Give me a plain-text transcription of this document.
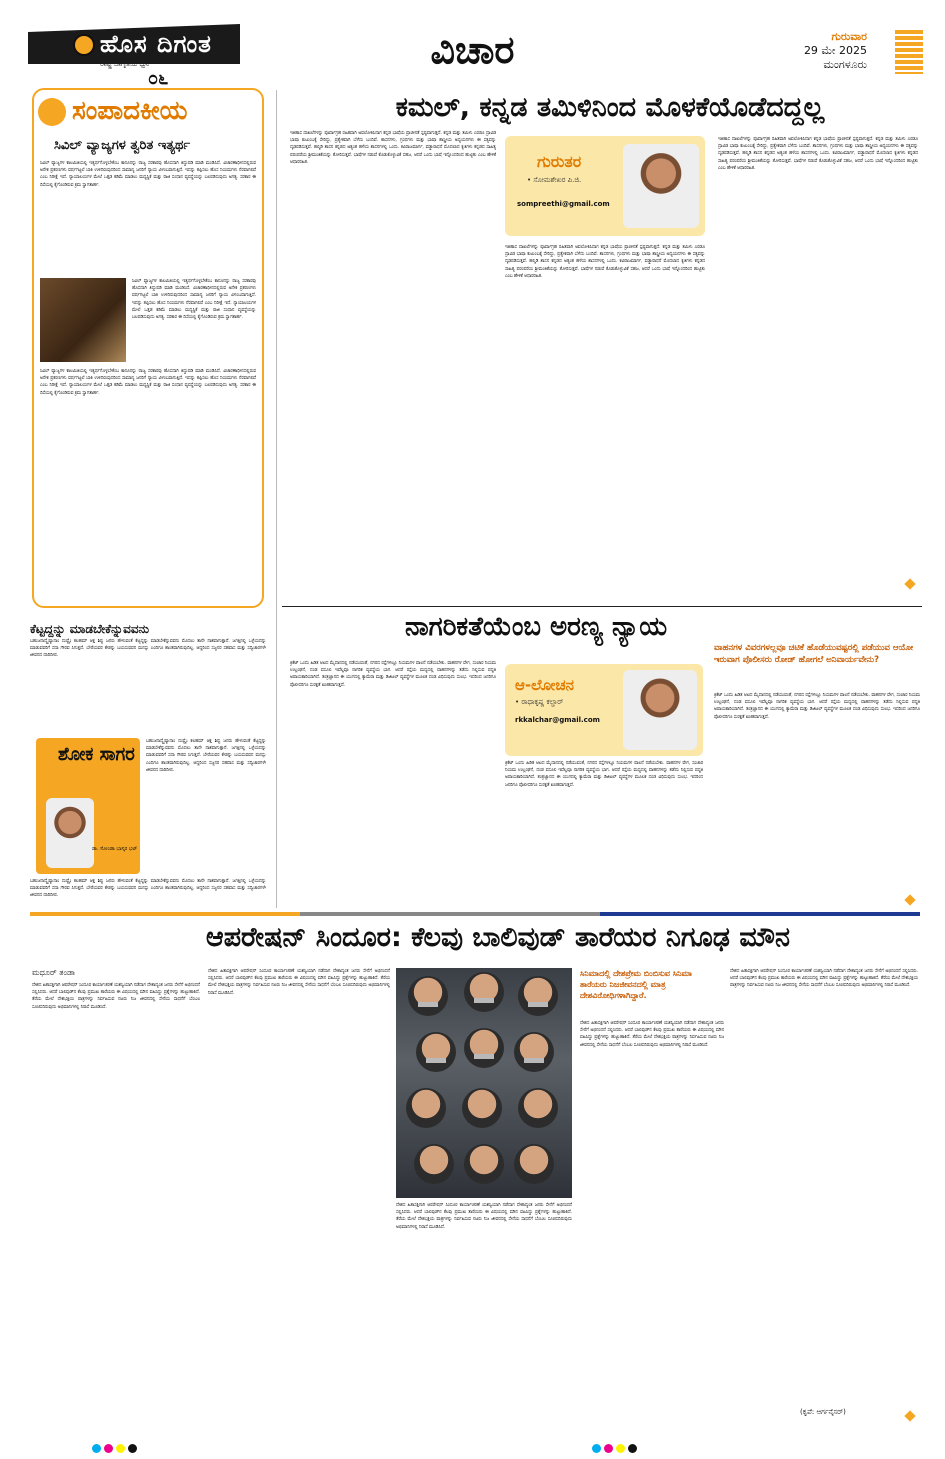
ಹೊಸ ದಿಗಂತ
ರಾಷ್ಟ್ರ ಜಾಗೃತಿಯ ಧ್ವನಿ
೦೬
ವಿಚಾರ	ಗುರುವಾರ
29 ಮೇ 2025
ಮಂಗಳೂರು
ಸಂಪಾದಕೀಯ
ಸಿವಿಲ್ ವ್ಯಾಜ್ಯಗಳ ತ್ವರಿತ ಇತ್ಯರ್ಥ
ಸಿವಿಲ್ ವ್ಯಾಜ್ಯಗಳ ಕಾಲಮಿತಿಯಲ್ಲಿ ಇತ್ಯರ್ಥಗೊಳ್ಳಬೇಕೆಂಬ ಕಾನೂನನ್ನು ರಾಜ್ಯ ಸರಕಾರವು ಹೊಸದಾಗಿ ತಿದ್ದುಪಡಿ ಮಾಡಿ ಮಂಡಿಸಿದೆ. ವಿಚಾರಣಾಧೀನದಲ್ಲಿರುವ ಅನೇಕ ಪ್ರಕರಣಗಳು ವರ್ಷಗಟ್ಟಲೆ ಬಾಕಿ ಉಳಿದಿರುವುದರಿಂದ ಸಾಮಾನ್ಯ ಜನರಿಗೆ ನ್ಯಾಯ ವಿಳಂಬವಾಗುತ್ತಿದೆ. ಇದನ್ನು ತಪ್ಪಿಸಲು ಹೊಸ ನಿಯಮಗಳು ನೆರವಾಗಲಿವೆ ಎಂಬ ನಿರೀಕ್ಷೆ ಇದೆ. ನ್ಯಾಯಾಲಯಗಳ ಮೇಲೆ ಒತ್ತಡ ಕಡಿಮೆ ಮಾಡಲು ಮಧ್ಯಸ್ಥಿಕೆ ಮತ್ತು ರಾಜಿ ಸಂಧಾನ ವ್ಯವಸ್ಥೆಯನ್ನು ಬಲಪಡಿಸುವುದು ಅಗತ್ಯ. ಸರಕಾರ ಈ ದಿಸೆಯಲ್ಲಿ ಕೈಗೊಂಡಿರುವ ಕ್ರಮ ಸ್ವಾಗತಾರ್ಹ.
ಸಿವಿಲ್ ವ್ಯಾಜ್ಯಗಳ ಕಾಲಮಿತಿಯಲ್ಲಿ ಇತ್ಯರ್ಥಗೊಳ್ಳಬೇಕೆಂಬ ಕಾನೂನನ್ನು ರಾಜ್ಯ ಸರಕಾರವು ಹೊಸದಾಗಿ ತಿದ್ದುಪಡಿ ಮಾಡಿ ಮಂಡಿಸಿದೆ. ವಿಚಾರಣಾಧೀನದಲ್ಲಿರುವ ಅನೇಕ ಪ್ರಕರಣಗಳು ವರ್ಷಗಟ್ಟಲೆ ಬಾಕಿ ಉಳಿದಿರುವುದರಿಂದ ಸಾಮಾನ್ಯ ಜನರಿಗೆ ನ್ಯಾಯ ವಿಳಂಬವಾಗುತ್ತಿದೆ. ಇದನ್ನು ತಪ್ಪಿಸಲು ಹೊಸ ನಿಯಮಗಳು ನೆರವಾಗಲಿವೆ ಎಂಬ ನಿರೀಕ್ಷೆ ಇದೆ. ನ್ಯಾಯಾಲಯಗಳ ಮೇಲೆ ಒತ್ತಡ ಕಡಿಮೆ ಮಾಡಲು ಮಧ್ಯಸ್ಥಿಕೆ ಮತ್ತು ರಾಜಿ ಸಂಧಾನ ವ್ಯವಸ್ಥೆಯನ್ನು ಬಲಪಡಿಸುವುದು ಅಗತ್ಯ. ಸರಕಾರ ಈ ದಿಸೆಯಲ್ಲಿ ಕೈಗೊಂಡಿರುವ ಕ್ರಮ ಸ್ವಾಗತಾರ್ಹ.
ಸಿವಿಲ್ ವ್ಯಾಜ್ಯಗಳ ಕಾಲಮಿತಿಯಲ್ಲಿ ಇತ್ಯರ್ಥಗೊಳ್ಳಬೇಕೆಂಬ ಕಾನೂನನ್ನು ರಾಜ್ಯ ಸರಕಾರವು ಹೊಸದಾಗಿ ತಿದ್ದುಪಡಿ ಮಾಡಿ ಮಂಡಿಸಿದೆ. ವಿಚಾರಣಾಧೀನದಲ್ಲಿರುವ ಅನೇಕ ಪ್ರಕರಣಗಳು ವರ್ಷಗಟ್ಟಲೆ ಬಾಕಿ ಉಳಿದಿರುವುದರಿಂದ ಸಾಮಾನ್ಯ ಜನರಿಗೆ ನ್ಯಾಯ ವಿಳಂಬವಾಗುತ್ತಿದೆ. ಇದನ್ನು ತಪ್ಪಿಸಲು ಹೊಸ ನಿಯಮಗಳು ನೆರವಾಗಲಿವೆ ಎಂಬ ನಿರೀಕ್ಷೆ ಇದೆ. ನ್ಯಾಯಾಲಯಗಳ ಮೇಲೆ ಒತ್ತಡ ಕಡಿಮೆ ಮಾಡಲು ಮಧ್ಯಸ್ಥಿಕೆ ಮತ್ತು ರಾಜಿ ಸಂಧಾನ ವ್ಯವಸ್ಥೆಯನ್ನು ಬಲಪಡಿಸುವುದು ಅಗತ್ಯ. ಸರಕಾರ ಈ ದಿಸೆಯಲ್ಲಿ ಕೈಗೊಂಡಿರುವ ಕ್ರಮ ಸ್ವಾಗತಾರ್ಹ.
ಕಮಲ್, ಕನ್ನಡ ತಮಿಳಿನಿಂದ ಮೊಳಕೆಯೊಡೆದದ್ದಲ್ಲ
ಇತಿಹಾಸ ದಾಖಲೆಗಳನ್ನು ಪೂರ್ವಾಗ್ರಹ ರಹಿತವಾಗಿ ಅವಲೋಕಿಸಿದಾಗ ಕನ್ನಡ ಭಾಷೆಯ ಪ್ರಾಚೀನತೆ ಸ್ಪಷ್ಟವಾಗುತ್ತದೆ. ಕನ್ನಡ ಮತ್ತು ತಮಿಳು ಎರಡೂ ದ್ರಾವಿಡ ಭಾಷಾ ಕುಟುಂಬಕ್ಕೆ ಸೇರಿದ್ದು, ಪ್ರತ್ಯೇಕವಾಗಿ ಬೆಳೆದು ಬಂದಿವೆ. ಶಾಸನಗಳು, ಗ್ರಂಥಗಳು ಮತ್ತು ಭಾಷಾ ಶಾಸ್ತ್ರೀಯ ಅಧ್ಯಯನಗಳು ಈ ಸತ್ಯವನ್ನು ದೃಢಪಡಿಸುತ್ತವೆ. ಹಲ್ಮಿಡಿ ಶಾಸನ ಕನ್ನಡದ ಅತ್ಯಂತ ಹಳೆಯ ಶಾಸನಗಳಲ್ಲಿ ಒಂದು. ಕವಿರಾಜಮಾರ್ಗ, ವಡ್ಡಾರಾಧನೆ ಮೊದಲಾದ ಕೃತಿಗಳು ಕನ್ನಡದ ಸಾಹಿತ್ಯ ಪರಂಪರೆಯ ಶ್ರೀಮಂತಿಕೆಯನ್ನು ತೋರಿಸುತ್ತವೆ. ಭಾಷೆಗಳ ನಡುವೆ ಕೊಡುಕೊಳ್ಳುವಿಕೆ ಸಹಜ, ಆದರೆ ಒಂದು ಭಾಷೆ ಇನ್ನೊಂದರಿಂದ ಹುಟ್ಟಿತು ಎಂಬ ಹೇಳಿಕೆ ಆಧಾರರಹಿತ.	ಗುರುತರ
• ಸೋಮಶೇಖರ ಪಿ.ಜಿ.
sompreethi@gmail.com
ಇತಿಹಾಸ ದಾಖಲೆಗಳನ್ನು ಪೂರ್ವಾಗ್ರಹ ರಹಿತವಾಗಿ ಅವಲೋಕಿಸಿದಾಗ ಕನ್ನಡ ಭಾಷೆಯ ಪ್ರಾಚೀನತೆ ಸ್ಪಷ್ಟವಾಗುತ್ತದೆ. ಕನ್ನಡ ಮತ್ತು ತಮಿಳು ಎರಡೂ ದ್ರಾವಿಡ ಭಾಷಾ ಕುಟುಂಬಕ್ಕೆ ಸೇರಿದ್ದು, ಪ್ರತ್ಯೇಕವಾಗಿ ಬೆಳೆದು ಬಂದಿವೆ. ಶಾಸನಗಳು, ಗ್ರಂಥಗಳು ಮತ್ತು ಭಾಷಾ ಶಾಸ್ತ್ರೀಯ ಅಧ್ಯಯನಗಳು ಈ ಸತ್ಯವನ್ನು ದೃಢಪಡಿಸುತ್ತವೆ. ಹಲ್ಮಿಡಿ ಶಾಸನ ಕನ್ನಡದ ಅತ್ಯಂತ ಹಳೆಯ ಶಾಸನಗಳಲ್ಲಿ ಒಂದು. ಕವಿರಾಜಮಾರ್ಗ, ವಡ್ಡಾರಾಧನೆ ಮೊದಲಾದ ಕೃತಿಗಳು ಕನ್ನಡದ ಸಾಹಿತ್ಯ ಪರಂಪರೆಯ ಶ್ರೀಮಂತಿಕೆಯನ್ನು ತೋರಿಸುತ್ತವೆ. ಭಾಷೆಗಳ ನಡುವೆ ಕೊಡುಕೊಳ್ಳುವಿಕೆ ಸಹಜ, ಆದರೆ ಒಂದು ಭಾಷೆ ಇನ್ನೊಂದರಿಂದ ಹುಟ್ಟಿತು ಎಂಬ ಹೇಳಿಕೆ ಆಧಾರರಹಿತ.
ಇತಿಹಾಸ ದಾಖಲೆಗಳನ್ನು ಪೂರ್ವಾಗ್ರಹ ರಹಿತವಾಗಿ ಅವಲೋಕಿಸಿದಾಗ ಕನ್ನಡ ಭಾಷೆಯ ಪ್ರಾಚೀನತೆ ಸ್ಪಷ್ಟವಾಗುತ್ತದೆ. ಕನ್ನಡ ಮತ್ತು ತಮಿಳು ಎರಡೂ ದ್ರಾವಿಡ ಭಾಷಾ ಕುಟುಂಬಕ್ಕೆ ಸೇರಿದ್ದು, ಪ್ರತ್ಯೇಕವಾಗಿ ಬೆಳೆದು ಬಂದಿವೆ. ಶಾಸನಗಳು, ಗ್ರಂಥಗಳು ಮತ್ತು ಭಾಷಾ ಶಾಸ್ತ್ರೀಯ ಅಧ್ಯಯನಗಳು ಈ ಸತ್ಯವನ್ನು ದೃಢಪಡಿಸುತ್ತವೆ. ಹಲ್ಮಿಡಿ ಶಾಸನ ಕನ್ನಡದ ಅತ್ಯಂತ ಹಳೆಯ ಶಾಸನಗಳಲ್ಲಿ ಒಂದು. ಕವಿರಾಜಮಾರ್ಗ, ವಡ್ಡಾರಾಧನೆ ಮೊದಲಾದ ಕೃತಿಗಳು ಕನ್ನಡದ ಸಾಹಿತ್ಯ ಪರಂಪರೆಯ ಶ್ರೀಮಂತಿಕೆಯನ್ನು ತೋರಿಸುತ್ತವೆ. ಭಾಷೆಗಳ ನಡುವೆ ಕೊಡುಕೊಳ್ಳುವಿಕೆ ಸಹಜ, ಆದರೆ ಒಂದು ಭಾಷೆ ಇನ್ನೊಂದರಿಂದ ಹುಟ್ಟಿತು ಎಂಬ ಹೇಳಿಕೆ ಆಧಾರರಹಿತ.
ಕೆಟ್ಟದ್ದನ್ನು ಮಾಡಬೇಕೆನ್ನುವವನು
ಬಹುಜನಾದ್ಯೈಷ್ಯಾನಾಂ ದುಷ್ಟೈಃ ಕಲಹಮ್ ಆಕ್ತ ಶಿಷ್ಟ ಜನರು ಹೇಳುವಂತೆ ಕೆಟ್ಟದ್ದನ್ನು ಮಾಡಬೇಕೆನ್ನುವವನು ಮೊದಲು ತಾನೇ ನಾಶವಾಗುತ್ತಾನೆ. ಜಗತ್ತಿನಲ್ಲಿ ಒಳ್ಳೆಯದನ್ನು ಮಾಡುವವರಿಗೆ ಸದಾ ಗೌರವ ಸಿಗುತ್ತದೆ. ಬೇರೆಯವರ ಕೇಡನ್ನು ಬಯಸುವವನ ಮನಸ್ಸು ಎಂದಿಗೂ ಶಾಂತವಾಗಿರುವುದಿಲ್ಲ. ಆದ್ದರಿಂದ ಸಜ್ಜನರ ಸಹವಾಸ ಮತ್ತು ಸದ್ವಿಚಾರಗಳೇ ಜೀವನದ ದಾರಿದೀಪ.
ಶೋಕ ಸಾಗರ
ಡಾ. ಸೋಂಡಾ ಭಾಸ್ಕರ ಭಟ್
ಬಹುಜನಾದ್ಯೈಷ್ಯಾನಾಂ ದುಷ್ಟೈಃ ಕಲಹಮ್ ಆಕ್ತ ಶಿಷ್ಟ ಜನರು ಹೇಳುವಂತೆ ಕೆಟ್ಟದ್ದನ್ನು ಮಾಡಬೇಕೆನ್ನುವವನು ಮೊದಲು ತಾನೇ ನಾಶವಾಗುತ್ತಾನೆ. ಜಗತ್ತಿನಲ್ಲಿ ಒಳ್ಳೆಯದನ್ನು ಮಾಡುವವರಿಗೆ ಸದಾ ಗೌರವ ಸಿಗುತ್ತದೆ. ಬೇರೆಯವರ ಕೇಡನ್ನು ಬಯಸುವವನ ಮನಸ್ಸು ಎಂದಿಗೂ ಶಾಂತವಾಗಿರುವುದಿಲ್ಲ. ಆದ್ದರಿಂದ ಸಜ್ಜನರ ಸಹವಾಸ ಮತ್ತು ಸದ್ವಿಚಾರಗಳೇ ಜೀವನದ ದಾರಿದೀಪ.
ಬಹುಜನಾದ್ಯೈಷ್ಯಾನಾಂ ದುಷ್ಟೈಃ ಕಲಹಮ್ ಆಕ್ತ ಶಿಷ್ಟ ಜನರು ಹೇಳುವಂತೆ ಕೆಟ್ಟದ್ದನ್ನು ಮಾಡಬೇಕೆನ್ನುವವನು ಮೊದಲು ತಾನೇ ನಾಶವಾಗುತ್ತಾನೆ. ಜಗತ್ತಿನಲ್ಲಿ ಒಳ್ಳೆಯದನ್ನು ಮಾಡುವವರಿಗೆ ಸದಾ ಗೌರವ ಸಿಗುತ್ತದೆ. ಬೇರೆಯವರ ಕೇಡನ್ನು ಬಯಸುವವನ ಮನಸ್ಸು ಎಂದಿಗೂ ಶಾಂತವಾಗಿರುವುದಿಲ್ಲ. ಆದ್ದರಿಂದ ಸಜ್ಜನರ ಸಹವಾಸ ಮತ್ತು ಸದ್ವಿಚಾರಗಳೇ ಜೀವನದ ದಾರಿದೀಪ.
ನಾಗರಿಕತೆಯೆಂಬ ಅರಣ್ಯ ನ್ಯಾಯ
ವಾಹನಗಳ ವಿವರಗಳಲ್ಲವೂ ಚಟಿಕೆ ಹೊಡೆಯುವಷ್ಟರಲ್ಲಿ ಪಡೆಯುವ ಆಯೋ ಇರುವಾಗ ಪೊಲೀಸರು ರೋಡ್ ಹೋಗಲೆ ಅನಿವಾರ್ಯವೇನು?
ಕ್ರಿಕೆಟ್ ಒಂದು ಹಿಡಿತ ಆಟದ ಮೈದಾನದಲ್ಲಿ ನಡೆಯುವಂತೆ, ನಗರದ ರಸ್ತೆಗಳಲ್ಲೂ ನಿಯಮಗಳ ಪಾಲನೆ ನಡೆಯಬೇಕು. ವಾಹನಗಳ ವೇಗ, ಸಂಚಾರ ನಿಯಮ ಉಲ್ಲಂಘನೆ, ದಂಡ ವಸೂಲಿ ಇವೆಲ್ಲವೂ ನಾಗರಿಕ ವ್ಯವಸ್ಥೆಯ ಭಾಗ. ಆದರೆ ರಸ್ತೆಯ ಮಧ್ಯದಲ್ಲಿ ವಾಹನಗಳನ್ನು ತಡೆದು ನಿಲ್ಲಿಸುವ ಪದ್ಧತಿ ಅಪಾಯಕಾರಿಯಾಗಿದೆ. ತಂತ್ರಜ್ಞಾನದ ಈ ಯುಗದಲ್ಲಿ ಕ್ಯಾಮೆರಾ ಮತ್ತು ಡಿಜಿಟಲ್ ವ್ಯವಸ್ಥೆಗಳ ಮೂಲಕ ದಂಡ ವಿಧಿಸುವುದು ಸುಲಭ. ಇದರಿಂದ ಜನರಿಗೂ ಪೊಲೀಸರಿಗೂ ಸುರಕ್ಷತೆ ಖಚಿತವಾಗುತ್ತದೆ.	ಆ-ಲೋಚನ
• ರಾಧಾಕೃಷ್ಣ ಕಲ್ಚಾರ್
rkkalchar@gmail.com
ಕ್ರಿಕೆಟ್ ಒಂದು ಹಿಡಿತ ಆಟದ ಮೈದಾನದಲ್ಲಿ ನಡೆಯುವಂತೆ, ನಗರದ ರಸ್ತೆಗಳಲ್ಲೂ ನಿಯಮಗಳ ಪಾಲನೆ ನಡೆಯಬೇಕು. ವಾಹನಗಳ ವೇಗ, ಸಂಚಾರ ನಿಯಮ ಉಲ್ಲಂಘನೆ, ದಂಡ ವಸೂಲಿ ಇವೆಲ್ಲವೂ ನಾಗರಿಕ ವ್ಯವಸ್ಥೆಯ ಭಾಗ. ಆದರೆ ರಸ್ತೆಯ ಮಧ್ಯದಲ್ಲಿ ವಾಹನಗಳನ್ನು ತಡೆದು ನಿಲ್ಲಿಸುವ ಪದ್ಧತಿ ಅಪಾಯಕಾರಿಯಾಗಿದೆ. ತಂತ್ರಜ್ಞಾನದ ಈ ಯುಗದಲ್ಲಿ ಕ್ಯಾಮೆರಾ ಮತ್ತು ಡಿಜಿಟಲ್ ವ್ಯವಸ್ಥೆಗಳ ಮೂಲಕ ದಂಡ ವಿಧಿಸುವುದು ಸುಲಭ. ಇದರಿಂದ ಜನರಿಗೂ ಪೊಲೀಸರಿಗೂ ಸುರಕ್ಷತೆ ಖಚಿತವಾಗುತ್ತದೆ.
ಕ್ರಿಕೆಟ್ ಒಂದು ಹಿಡಿತ ಆಟದ ಮೈದಾನದಲ್ಲಿ ನಡೆಯುವಂತೆ, ನಗರದ ರಸ್ತೆಗಳಲ್ಲೂ ನಿಯಮಗಳ ಪಾಲನೆ ನಡೆಯಬೇಕು. ವಾಹನಗಳ ವೇಗ, ಸಂಚಾರ ನಿಯಮ ಉಲ್ಲಂಘನೆ, ದಂಡ ವಸೂಲಿ ಇವೆಲ್ಲವೂ ನಾಗರಿಕ ವ್ಯವಸ್ಥೆಯ ಭಾಗ. ಆದರೆ ರಸ್ತೆಯ ಮಧ್ಯದಲ್ಲಿ ವಾಹನಗಳನ್ನು ತಡೆದು ನಿಲ್ಲಿಸುವ ಪದ್ಧತಿ ಅಪಾಯಕಾರಿಯಾಗಿದೆ. ತಂತ್ರಜ್ಞಾನದ ಈ ಯುಗದಲ್ಲಿ ಕ್ಯಾಮೆರಾ ಮತ್ತು ಡಿಜಿಟಲ್ ವ್ಯವಸ್ಥೆಗಳ ಮೂಲಕ ದಂಡ ವಿಧಿಸುವುದು ಸುಲಭ. ಇದರಿಂದ ಜನರಿಗೂ ಪೊಲೀಸರಿಗೂ ಸುರಕ್ಷತೆ ಖಚಿತವಾಗುತ್ತದೆ.
ಆಪರೇಷನ್ ಸಿಂದೂರ: ಕೆಲವು ಬಾಲಿವುಡ್ ತಾರೆಯರ ನಿಗೂಢ ಮೌನ
ಮಧೂರ್ ತಂಡಾ
ದೇಶದ ಹಿತಾಸಕ್ತಿಗಾಗಿ ಆಪರೇಷನ್ ಸಿಂದೂರ ಕಾರ್ಯಾಚರಣೆ ಯಶಸ್ವಿಯಾಗಿ ನಡೆದಾಗ ದೇಶಾದ್ಯಂತ ಜನರು ಸೇನೆಗೆ ಅಭಿನಂದನೆ ಸಲ್ಲಿಸಿದರು. ಆದರೆ ಬಾಲಿವುಡ್‌ನ ಕೆಲವು ಪ್ರಮುಖ ತಾರೆಯರು ಈ ವಿಷಯದಲ್ಲಿ ಮೌನ ವಹಿಸಿದ್ದು ಪ್ರಶ್ನೆಗಳನ್ನು ಹುಟ್ಟುಹಾಕಿದೆ. ತೆರೆಯ ಮೇಲೆ ದೇಶಭಕ್ತಿಯ ಪಾತ್ರಗಳನ್ನು ನಿರ್ವಹಿಸುವ ನಟರು ನಿಜ ಜೀವನದಲ್ಲಿ ಸೇನೆಯ ಸಾಧನೆಗೆ ಬೆಂಬಲ ಸೂಚಿಸದಿರುವುದು ಅಭಿಮಾನಿಗಳಲ್ಲಿ ನಿರಾಸೆ ಮೂಡಿಸಿದೆ.
ದೇಶದ ಹಿತಾಸಕ್ತಿಗಾಗಿ ಆಪರೇಷನ್ ಸಿಂದೂರ ಕಾರ್ಯಾಚರಣೆ ಯಶಸ್ವಿಯಾಗಿ ನಡೆದಾಗ ದೇಶಾದ್ಯಂತ ಜನರು ಸೇನೆಗೆ ಅಭಿನಂದನೆ ಸಲ್ಲಿಸಿದರು. ಆದರೆ ಬಾಲಿವುಡ್‌ನ ಕೆಲವು ಪ್ರಮುಖ ತಾರೆಯರು ಈ ವಿಷಯದಲ್ಲಿ ಮೌನ ವಹಿಸಿದ್ದು ಪ್ರಶ್ನೆಗಳನ್ನು ಹುಟ್ಟುಹಾಕಿದೆ. ತೆರೆಯ ಮೇಲೆ ದೇಶಭಕ್ತಿಯ ಪಾತ್ರಗಳನ್ನು ನಿರ್ವಹಿಸುವ ನಟರು ನಿಜ ಜೀವನದಲ್ಲಿ ಸೇನೆಯ ಸಾಧನೆಗೆ ಬೆಂಬಲ ಸೂಚಿಸದಿರುವುದು ಅಭಿಮಾನಿಗಳಲ್ಲಿ ನಿರಾಸೆ ಮೂಡಿಸಿದೆ.
ದೇಶದ ಹಿತಾಸಕ್ತಿಗಾಗಿ ಆಪರೇಷನ್ ಸಿಂದೂರ ಕಾರ್ಯಾಚರಣೆ ಯಶಸ್ವಿಯಾಗಿ ನಡೆದಾಗ ದೇಶಾದ್ಯಂತ ಜನರು ಸೇನೆಗೆ ಅಭಿನಂದನೆ ಸಲ್ಲಿಸಿದರು. ಆದರೆ ಬಾಲಿವುಡ್‌ನ ಕೆಲವು ಪ್ರಮುಖ ತಾರೆಯರು ಈ ವಿಷಯದಲ್ಲಿ ಮೌನ ವಹಿಸಿದ್ದು ಪ್ರಶ್ನೆಗಳನ್ನು ಹುಟ್ಟುಹಾಕಿದೆ. ತೆರೆಯ ಮೇಲೆ ದೇಶಭಕ್ತಿಯ ಪಾತ್ರಗಳನ್ನು ನಿರ್ವಹಿಸುವ ನಟರು ನಿಜ ಜೀವನದಲ್ಲಿ ಸೇನೆಯ ಸಾಧನೆಗೆ ಬೆಂಬಲ ಸೂಚಿಸದಿರುವುದು ಅಭಿಮಾನಿಗಳಲ್ಲಿ ನಿರಾಸೆ ಮೂಡಿಸಿದೆ.
ಸಿನಿಮಾದಲ್ಲಿ ದೇಶಪ್ರೇಮ ಬಿಂಬಿಸುವ ಸಿನಿಮಾ ತಾರೆಯರು ನಿಜಜೀವನದಲ್ಲಿ ಮಾತ್ರ ದೇಶವಿರೋಧಿಗಳಾಗಿದ್ದಾರೆ.
ದೇಶದ ಹಿತಾಸಕ್ತಿಗಾಗಿ ಆಪರೇಷನ್ ಸಿಂದೂರ ಕಾರ್ಯಾಚರಣೆ ಯಶಸ್ವಿಯಾಗಿ ನಡೆದಾಗ ದೇಶಾದ್ಯಂತ ಜನರು ಸೇನೆಗೆ ಅಭಿನಂದನೆ ಸಲ್ಲಿಸಿದರು. ಆದರೆ ಬಾಲಿವುಡ್‌ನ ಕೆಲವು ಪ್ರಮುಖ ತಾರೆಯರು ಈ ವಿಷಯದಲ್ಲಿ ಮೌನ ವಹಿಸಿದ್ದು ಪ್ರಶ್ನೆಗಳನ್ನು ಹುಟ್ಟುಹಾಕಿದೆ. ತೆರೆಯ ಮೇಲೆ ದೇಶಭಕ್ತಿಯ ಪಾತ್ರಗಳನ್ನು ನಿರ್ವಹಿಸುವ ನಟರು ನಿಜ ಜೀವನದಲ್ಲಿ ಸೇನೆಯ ಸಾಧನೆಗೆ ಬೆಂಬಲ ಸೂಚಿಸದಿರುವುದು ಅಭಿಮಾನಿಗಳಲ್ಲಿ ನಿರಾಸೆ ಮೂಡಿಸಿದೆ.
ದೇಶದ ಹಿತಾಸಕ್ತಿಗಾಗಿ ಆಪರೇಷನ್ ಸಿಂದೂರ ಕಾರ್ಯಾಚರಣೆ ಯಶಸ್ವಿಯಾಗಿ ನಡೆದಾಗ ದೇಶಾದ್ಯಂತ ಜನರು ಸೇನೆಗೆ ಅಭಿನಂದನೆ ಸಲ್ಲಿಸಿದರು. ಆದರೆ ಬಾಲಿವುಡ್‌ನ ಕೆಲವು ಪ್ರಮುಖ ತಾರೆಯರು ಈ ವಿಷಯದಲ್ಲಿ ಮೌನ ವಹಿಸಿದ್ದು ಪ್ರಶ್ನೆಗಳನ್ನು ಹುಟ್ಟುಹಾಕಿದೆ. ತೆರೆಯ ಮೇಲೆ ದೇಶಭಕ್ತಿಯ ಪಾತ್ರಗಳನ್ನು ನಿರ್ವಹಿಸುವ ನಟರು ನಿಜ ಜೀವನದಲ್ಲಿ ಸೇನೆಯ ಸಾಧನೆಗೆ ಬೆಂಬಲ ಸೂಚಿಸದಿರುವುದು ಅಭಿಮಾನಿಗಳಲ್ಲಿ ನಿರಾಸೆ ಮೂಡಿಸಿದೆ.
(ಕೃಪೆ: ಆರ್ಗನೈಸರ್)
